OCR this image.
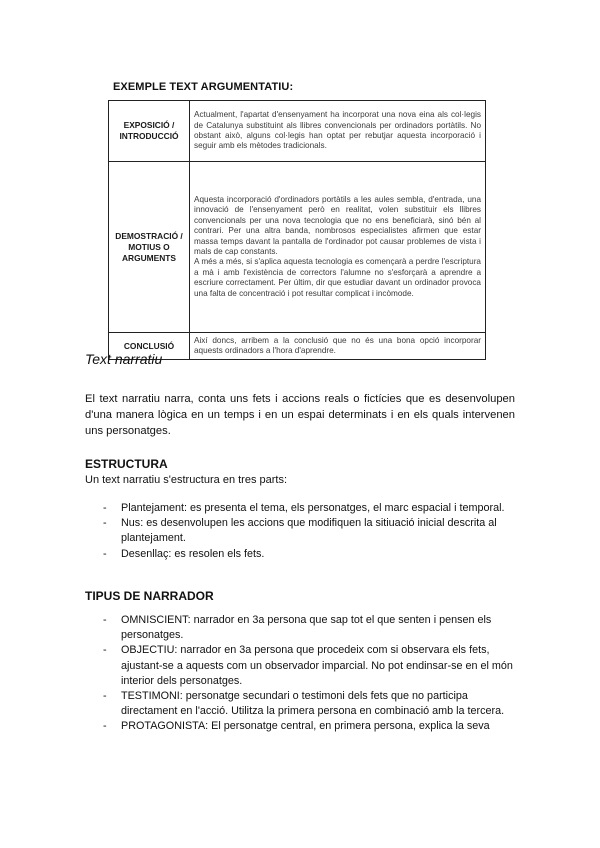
EXEMPLE TEXT ARGUMENTATIU:
EXPOSICIÓ / INTRODUCCIÓ	Actualment, l'apartat d'ensenyament ha incorporat una nova eina als col·legis de Catalunya substituint als llibres convencionals per ordinadors portàtils. No obstant això, alguns col·legis han optat per rebutjar aquesta incorporació i seguir amb els mètodes tradicionals.
DEMOSTRACIÓ / MOTIUS O ARGUMENTS	Aquesta incorporació d'ordinadors portàtils a les aules sembla, d'entrada, una innovació de l'ensenyament però en realitat, volen substituir els llibres convencionals per una nova tecnologia que no ens beneficiarà, sinó bén al contrari. Per una altra banda, nombrosos especialistes afirmen que estar massa temps davant la pantalla de l'ordinador pot causar problemes de vista i mals de cap constants.

A més a més, si s'aplica aquesta tecnologia es començarà a perdre l'escriptura a mà i amb l'existència de correctors l'alumne no s'esforçarà a aprendre a escriure correctament. Per últim, dir que estudiar davant un ordinador provoca una falta de concentració i pot resultar complicat i incòmode.

CONCLUSIÓ	Així doncs, arribem a la conclusió que no és una bona opció incorporar aquests ordinadors a l'hora d'aprendre.
Text narratiu
El text narratiu narra, conta uns fets i accions reals o fictícies que es desenvolupen d'una manera lògica en un temps i en un espai determinats i en els quals intervenen uns personatges.
ESTRUCTURA
Un text narratiu s'estructura en tres parts:
- Plantejament: es presenta el tema, els personatges, el marc espacial i temporal.
- Nus: es desenvolupen les accions que modifiquen la sitiuació inicial descrita al plantejament.
- Desenllaç: es resolen els fets.
TIPUS DE NARRADOR
- OMNISCIENT: narrador en 3a persona que sap tot el que senten i pensen els personatges.
- OBJECTIU: narrador en 3a persona que procedeix com si observara els fets, ajustant-se a aquests com un observador imparcial. No pot endinsar-se en el món interior dels personatges.
- TESTIMONI: personatge secundari o testimoni dels fets que no participa directament en l'acció. Utilitza la primera persona en combinació amb la tercera.
- PROTAGONISTA: El personatge central, en primera persona, explica la seva
